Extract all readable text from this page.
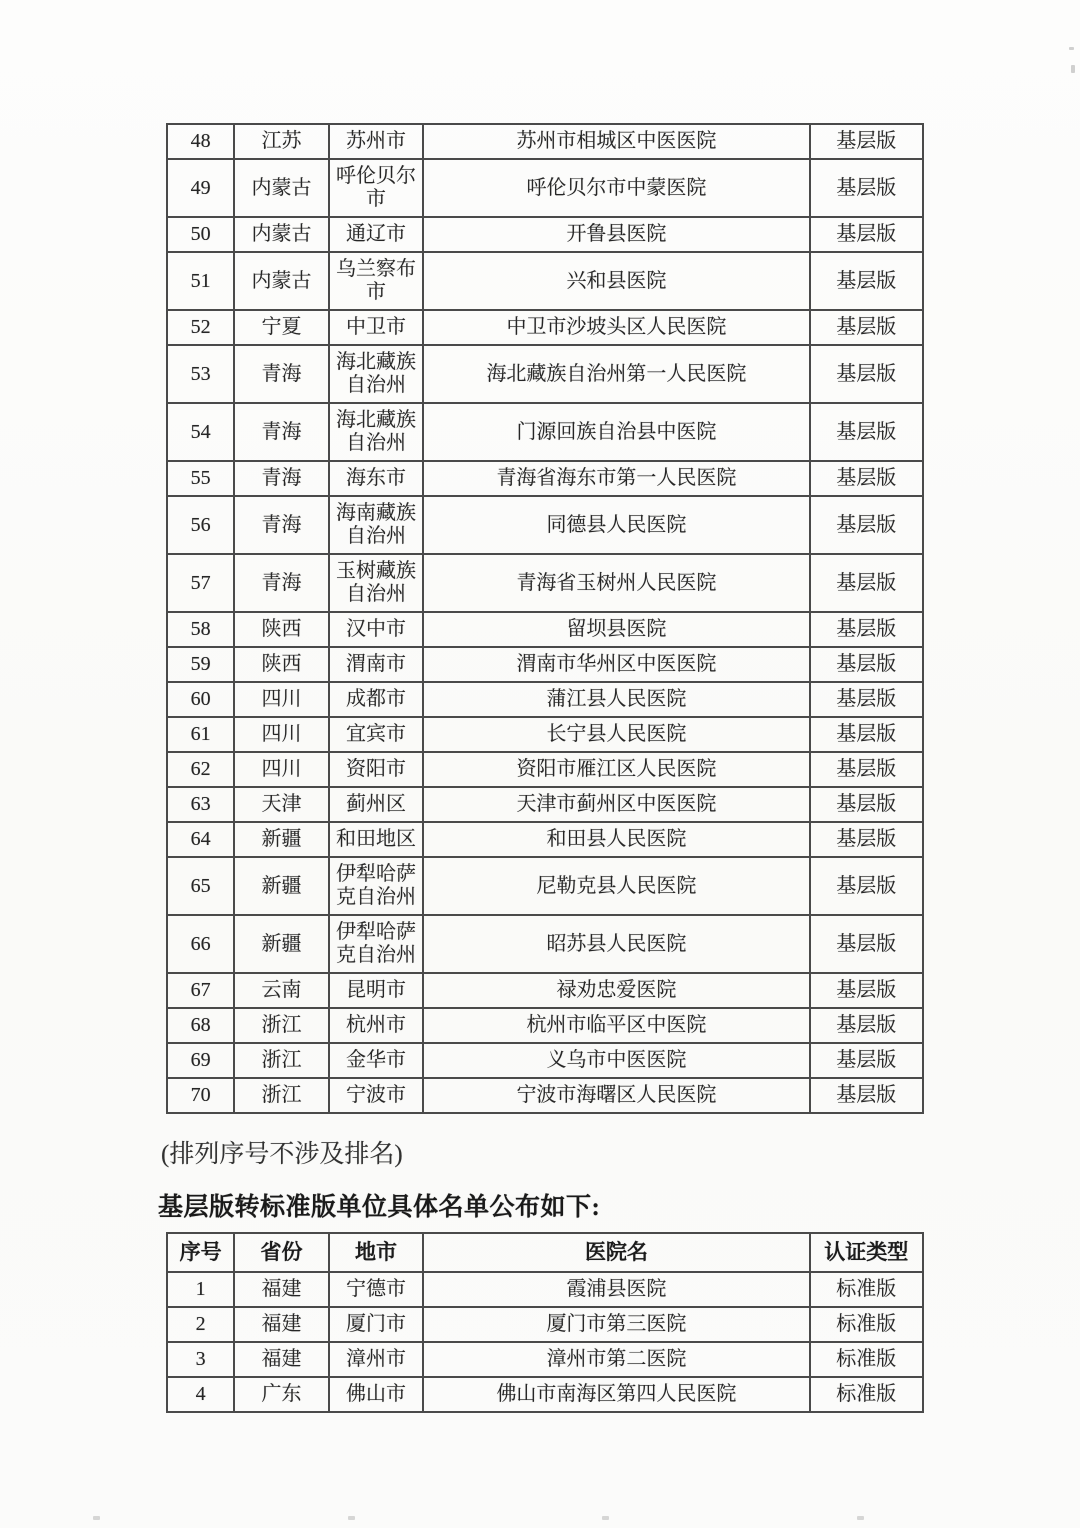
48	江苏	苏州市	苏州市相城区中医医院	基层版
49	内蒙古	呼伦贝尔市	呼伦贝尔市中蒙医院	基层版
50	内蒙古	通辽市	开鲁县医院	基层版
51	内蒙古	乌兰察布市	兴和县医院	基层版
52	宁夏	中卫市	中卫市沙坡头区人民医院	基层版
53	青海	海北藏族自治州	海北藏族自治州第一人民医院	基层版
54	青海	海北藏族自治州	门源回族自治县中医院	基层版
55	青海	海东市	青海省海东市第一人民医院	基层版
56	青海	海南藏族自治州	同德县人民医院	基层版
57	青海	玉树藏族自治州	青海省玉树州人民医院	基层版
58	陕西	汉中市	留坝县医院	基层版
59	陕西	渭南市	渭南市华州区中医医院	基层版
60	四川	成都市	蒲江县人民医院	基层版
61	四川	宜宾市	长宁县人民医院	基层版
62	四川	资阳市	资阳市雁江区人民医院	基层版
63	天津	蓟州区	天津市蓟州区中医医院	基层版
64	新疆	和田地区	和田县人民医院	基层版
65	新疆	伊犁哈萨克自治州	尼勒克县人民医院	基层版
66	新疆	伊犁哈萨克自治州	昭苏县人民医院	基层版
67	云南	昆明市	禄劝忠爱医院	基层版
68	浙江	杭州市	杭州市临平区中医院	基层版
69	浙江	金华市	义乌市中医医院	基层版
70	浙江	宁波市	宁波市海曙区人民医院	基层版

(排列序号不涉及排名)

基层版转标准版单位具体名单公布如下:
序号	省份	地市	医院名	认证类型
1	福建	宁德市	霞浦县医院	标准版
2	福建	厦门市	厦门市第三医院	标准版
3	福建	漳州市	漳州市第二医院	标准版
4	广东	佛山市	佛山市南海区第四人民医院	标准版
